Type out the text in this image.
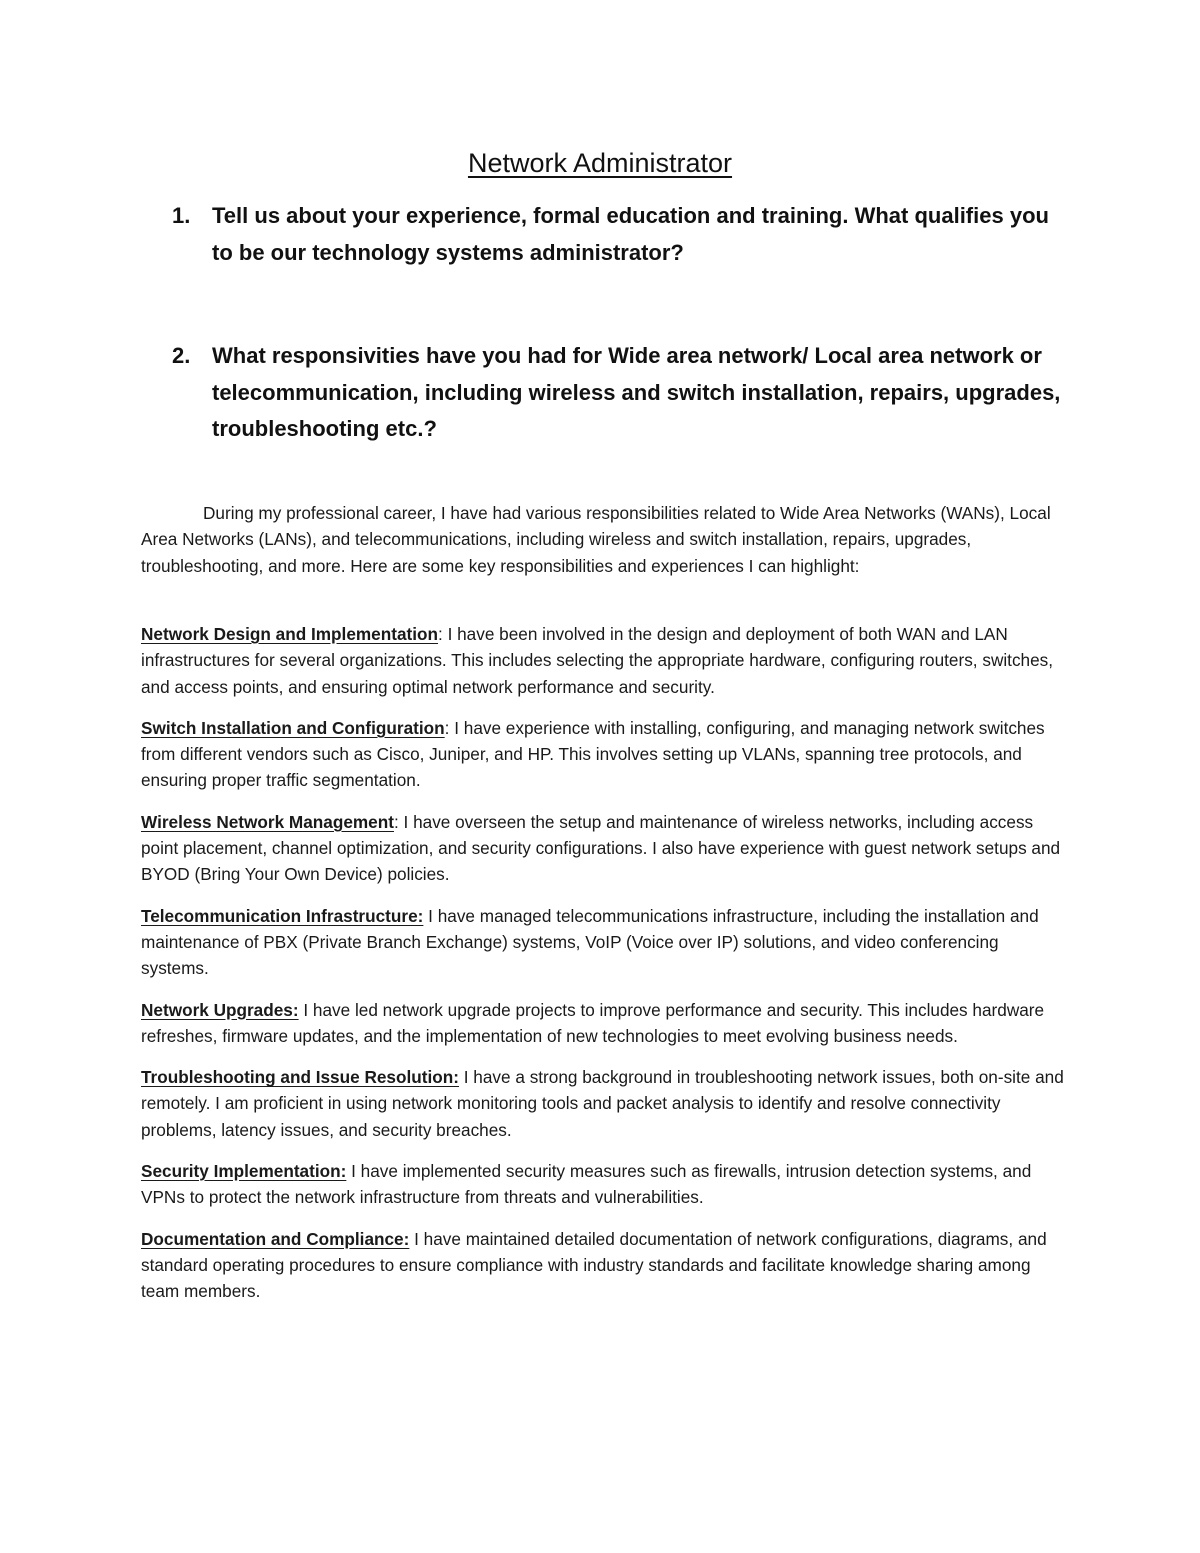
Network Administrator
1. Tell us about your experience, formal education and training. What qualifies you to be our technology systems administrator?
2. What responsivities have you had for Wide area network/ Local area network or telecommunication, including wireless and switch installation, repairs, upgrades, troubleshooting etc.?
During my professional career, I have had various responsibilities related to Wide Area Networks (WANs), Local Area Networks (LANs), and telecommunications, including wireless and switch installation, repairs, upgrades, troubleshooting, and more. Here are some key responsibilities and experiences I can highlight:

Network Design and Implementation: I have been involved in the design and deployment of both WAN and LAN infrastructures for several organizations. This includes selecting the appropriate hardware, configuring routers, switches, and access points, and ensuring optimal network performance and security.

Switch Installation and Configuration: I have experience with installing, configuring, and managing network switches from different vendors such as Cisco, Juniper, and HP. This involves setting up VLANs, spanning tree protocols, and ensuring proper traffic segmentation.

Wireless Network Management: I have overseen the setup and maintenance of wireless networks, including access point placement, channel optimization, and security configurations. I also have experience with guest network setups and BYOD (Bring Your Own Device) policies.

Telecommunication Infrastructure: I have managed telecommunications infrastructure, including the installation and maintenance of PBX (Private Branch Exchange) systems, VoIP (Voice over IP) solutions, and video conferencing systems.

Network Upgrades: I have led network upgrade projects to improve performance and security. This includes hardware refreshes, firmware updates, and the implementation of new technologies to meet evolving business needs.

Troubleshooting and Issue Resolution: I have a strong background in troubleshooting network issues, both on-site and remotely. I am proficient in using network monitoring tools and packet analysis to identify and resolve connectivity problems, latency issues, and security breaches.

Security Implementation: I have implemented security measures such as firewalls, intrusion detection systems, and VPNs to protect the network infrastructure from threats and vulnerabilities.

Documentation and Compliance: I have maintained detailed documentation of network configurations, diagrams, and standard operating procedures to ensure compliance with industry standards and facilitate knowledge sharing among team members.
